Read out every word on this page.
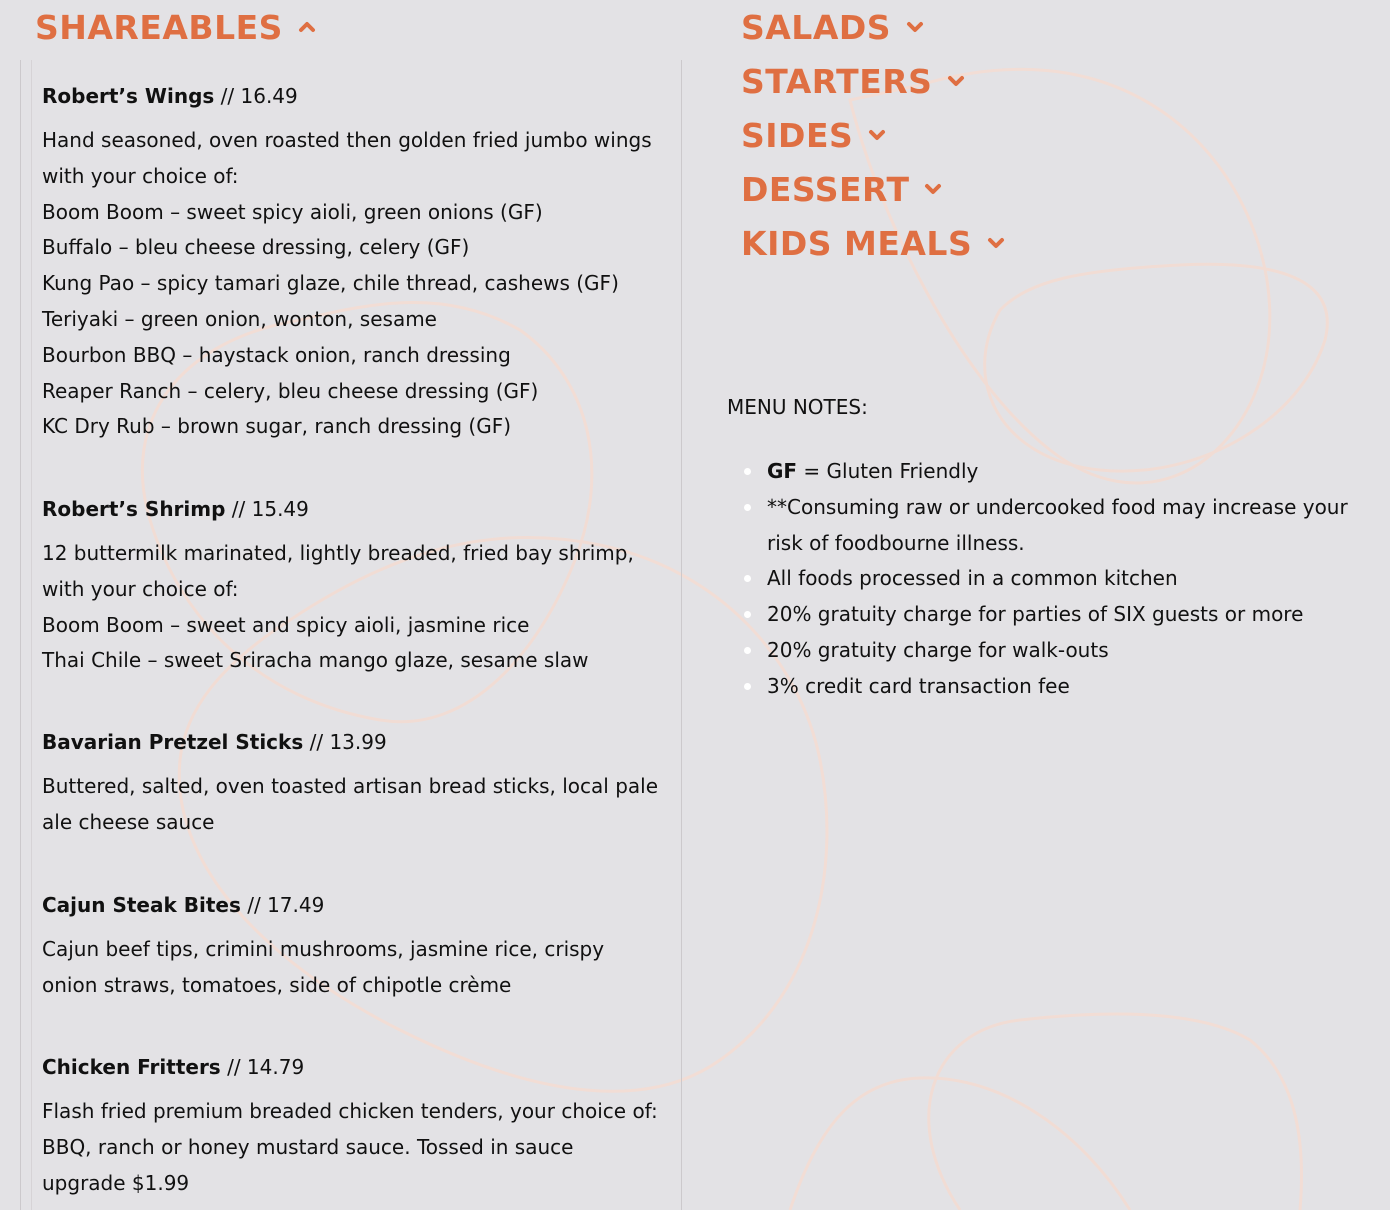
SHAREABLES

Robert’s Wings // 16.49

Hand seasoned, oven roasted then golden fried jumbo wings
with your choice of:
Boom Boom – sweet spicy aioli, green onions (GF)
Buffalo – bleu cheese dressing, celery (GF)
Kung Pao – spicy tamari glaze, chile thread, cashews (GF)
Teriyaki – green onion, wonton, sesame
Bourbon BBQ – haystack onion, ranch dressing
Reaper Ranch – celery, bleu cheese dressing (GF)
KC Dry Rub – brown sugar, ranch dressing (GF)

Robert’s Shrimp // 15.49

12 buttermilk marinated, lightly breaded, fried bay shrimp,
with your choice of:
Boom Boom – sweet and spicy aioli, jasmine rice
Thai Chile – sweet Sriracha mango glaze, sesame slaw

Bavarian Pretzel Sticks // 13.99

Buttered, salted, oven toasted artisan bread sticks, local pale
ale cheese sauce

Cajun Steak Bites // 17.49

Cajun beef tips, crimini mushrooms, jasmine rice, crispy
onion straws, tomatoes, side of chipotle crème

Chicken Fritters // 14.79

Flash fried premium breaded chicken tenders, your choice of:
BBQ, ranch or honey mustard sauce. Tossed in sauce
upgrade $1.99
SALADS
STARTERS
SIDES
DESSERT
KIDS MEALS

MENU NOTES:

GF = Gluten Friendly
**Consuming raw or undercooked food may increase your
risk of foodbourne illness.
All foods processed in a common kitchen
20% gratuity charge for parties of SIX guests or more
20% gratuity charge for walk-outs
3% credit card transaction fee
